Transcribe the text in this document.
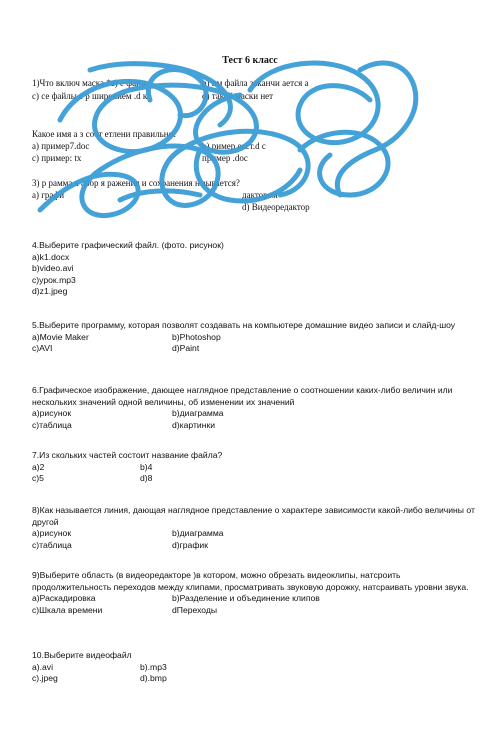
Тест 6 класс
1)Что включ маска *а) е файл	b) им файла заканчи ается а
с) се файлы с р ширением .d к	d) такой маски нет
Какое имя а з соот етлени правильно?
а) пример7.doc	b) ример екст.d с
с) пример: tx	пример .doc
3) р рамма я абор я ражения и сохранения н зывается?
а) графи	дактором
d) Видеоредактор
4.Выберите графический файл. (фото. рисунок)
a)k1.docx
b)video.avi
c)урок.mp3
d)z1.jpeg
5.Выберите программу, которая позволят создавать на компьютере домашние видео записи и слайд-шоу
a)Movie Maker	b)Photoshop
c)AVI	d)Paint
6.Графическое изображение, дающее наглядное представление о соотношении каких-либо величин или нескольких значений одной величины, об изменении их значений
а)рисунок	b)диаграмма
c)таблица	d)картинки
7.Из скольких частей состоит название файла?
a)2	b)4
c)5	d)8
8)Как называется линия, дающая наглядное представление о характере зависимости какой-либо величины от другой
a)рисунок	b)диаграмма
c)таблица	d)график
9)Выберите область (в видеоредакторе )в котором, можно обрезать видеоклипы, натсроить продолжительность переходов между клипами, просматривать звуковую дорожку, натсраивать уровни звука.
a)Раскадировка	b)Разделение и объединение клипов
c)Шкала времени	dПереходы
10.Выберите видеофайл
a).avi	b).mp3
c).jpeg	d).bmp
